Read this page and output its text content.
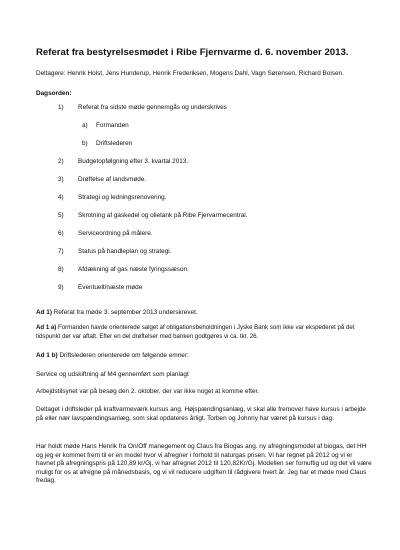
Referat fra bestyrelsesmødet i Ribe Fjernvarme d. 6. november 2013.
Deltagere: Henrik Holst, Jens Hunderup, Henrik Frederiksen, Mogens Dahl, Vagn Sørensen, Richard Boisen.
Dagsorden:
1) Referat fra sidste møde gennemgås og underskrives
a) Formanden
b) Driftslederen
2) Budgetopfølgning efter 3. kvartal 2013.
3) Drøftelse af landsmøde.
4) Strategi og ledningsrenovering.
5) Skrotning af gaskedel og olietank på Ribe Fjervarmecentral.
6) Serviceordning på målere.
7) Status på handleplan og strategi.
8) Afdækning af gas næste fyringssæson.
9) Eventuelt/næste møde
Ad 1) Referat fra møde 3. september 2013 underskrevet.
Ad 1 a) Formanden havde orienterede salget af obligationsbeholdningen i Jyske Bank som ikke var ekspederet på det tidspunkt der var aftalt. Efter en del drøftelser med banken godtgøres vi ca. tkr. 26.
Ad 1 b) Driftslederen orienterede om følgende emner:
Service og udskiftning af M4 gennemført som planlagt
Arbejdstilsynet var på besøg den 2. oktober, der var ikke noget at komme efter.
Deltaget i driftsleder på kraftvarmeværk kursus ang. Højspændingsanlæg, vi skal alle fremover have kursus i arbejde på eller nær lavspændingsanlæg, som skal opdateres årligt. Torben og Johnny har været på kursus i dag.
Har holdt møde Hans Henrik fra On/Off manegement og Claus fra Biogas ang. ny afregningsmodel af biogas, det HH og jeg er kommet frem til er en model hvor vi afregner i forhold til naturgas prisen. Vi har regnet på 2012 og vi er havnet på afregningspris på 120,89 kr/Gj, vi har afregnet 2012 til 120,82Kr/Gj. Modellen ser fornuftig ud og det vil være muligt for os at afregne på månedsbasis, og vi vil reducere udgiften til rådgivere hvert år. Jeg har et møde med Claus fredag.
